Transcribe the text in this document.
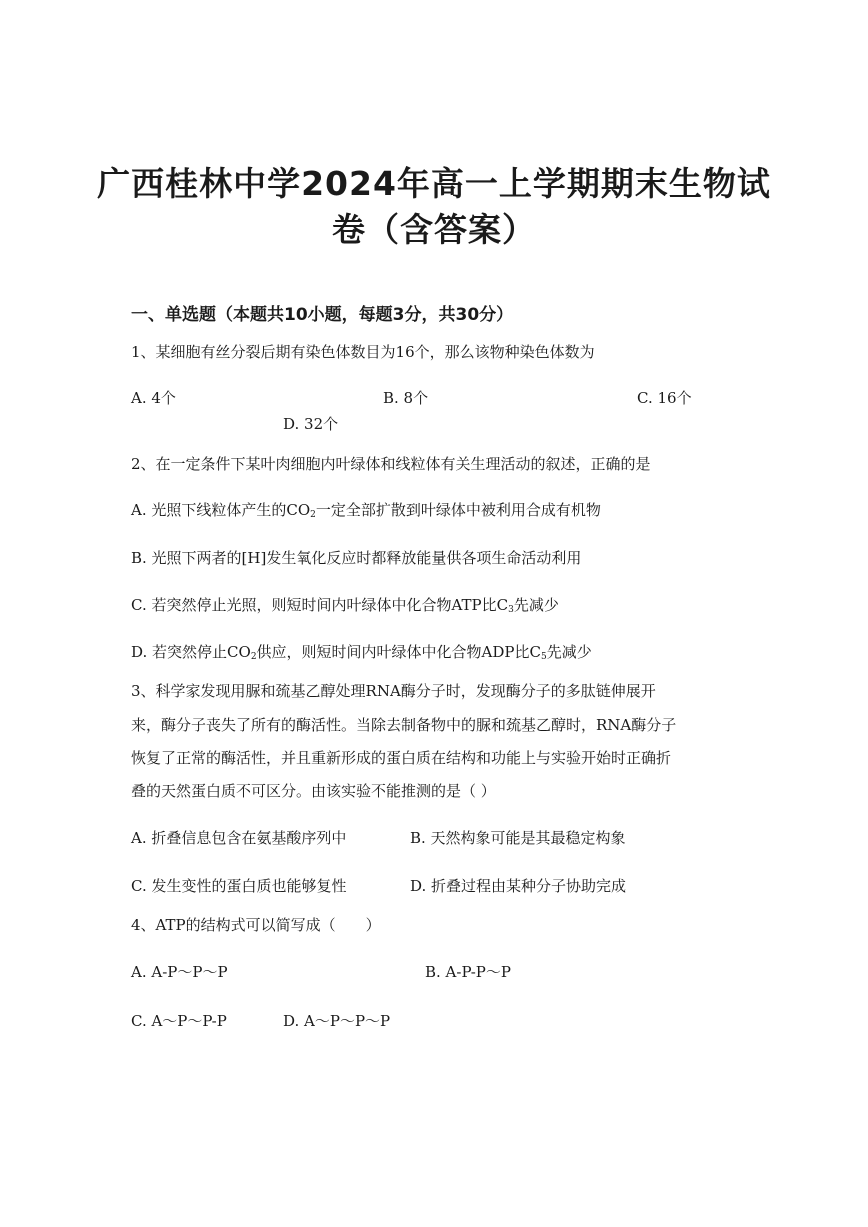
广西桂林中学2024年高一上学期期末生物试
卷（含答案）
一、单选题（本题共10小题，每题3分，共30分）
1、某细胞有丝分裂后期有染色体数目为16个，那么该物种染色体数为
A. 4个	B. 8个	C. 16个
D. 32个
2、在一定条件下某叶肉细胞内叶绿体和线粒体有关生理活动的叙述，正确的是
A. 光照下线粒体产生的$CO_2$一定全部扩散到叶绿体中被利用合成有机物
B. 光照下两者的[H]发生氧化反应时都释放能量供各项生命活动利用
C. 若突然停止光照，则短时间内叶绿体中化合物ATP比$C_3$先减少
D. 若突然停止$CO_2$供应，则短时间内叶绿体中化合物ADP比$C_5$先减少
3、科学家发现用脲和巯基乙醇处理RNA酶分子时，发现酶分子的多肽链伸展开
来，酶分子丧失了所有的酶活性。当除去制备物中的脲和巯基乙醇时，RNA酶分子
恢复了正常的酶活性，并且重新形成的蛋白质在结构和功能上与实验开始时正确折
叠的天然蛋白质不可区分。由该实验不能推测的是（ ）
A. 折叠信息包含在氨基酸序列中	B. 天然构象可能是其最稳定构象
C. 发生变性的蛋白质也能够复性	D. 折叠过程由某种分子协助完成
4、ATP的结构式可以简写成（　　）
A. A-P～P～P	B. A-P-P～P
C. A～P～P-P	D. A～P～P～P
